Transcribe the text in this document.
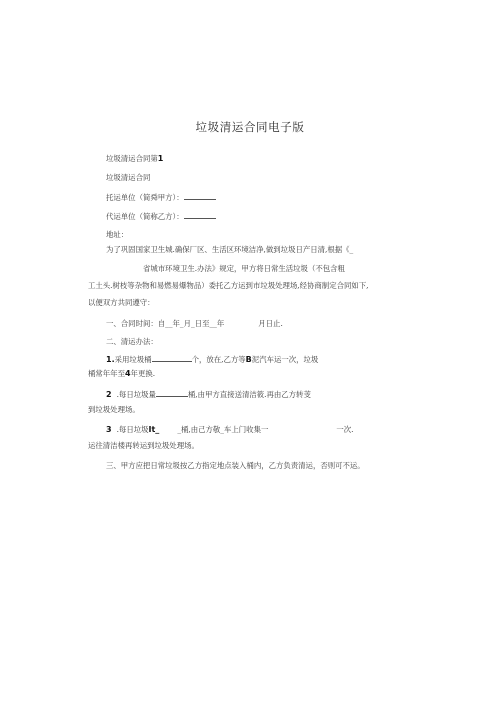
垃圾清运合同电子版
垃圾清运合同第1
垃圾清运合同
托运单位（简舜甲方）：
代运单位（简称乙方）：
地址：
为了巩固国家卫生城.确保厂区、生活区环境洁净,做到垃圾日产日清,根据《_
省城市环境卫生.办法》规定，甲方将日常生活垃圾（不包含粗
工土头.树枝等杂物和易燃易爆物品）委托乙方运到市垃圾处理场,经协商制定合同如下,
以便双方共同遵守：
一、合同时间：自__年_月_日至__年	月日止.
二、清运办法：
1.采用垃圾桶	个，放在,乙方等B泥汽车运一次，垃圾
桶常年年至4年更换.
2 .每日垃圾量	桶,由甲方直接送清洁筱.再由乙方转芰
到垃圾处理场。
3 .每日垃圾It_ _桶,由己方敬_车上门收集一	一次.
运往清洁楼再转运到垃圾处理场。
三、甲方应把日常垃圾按乙方指定地点装入桶内，乙方负责清运，否则可不运。
